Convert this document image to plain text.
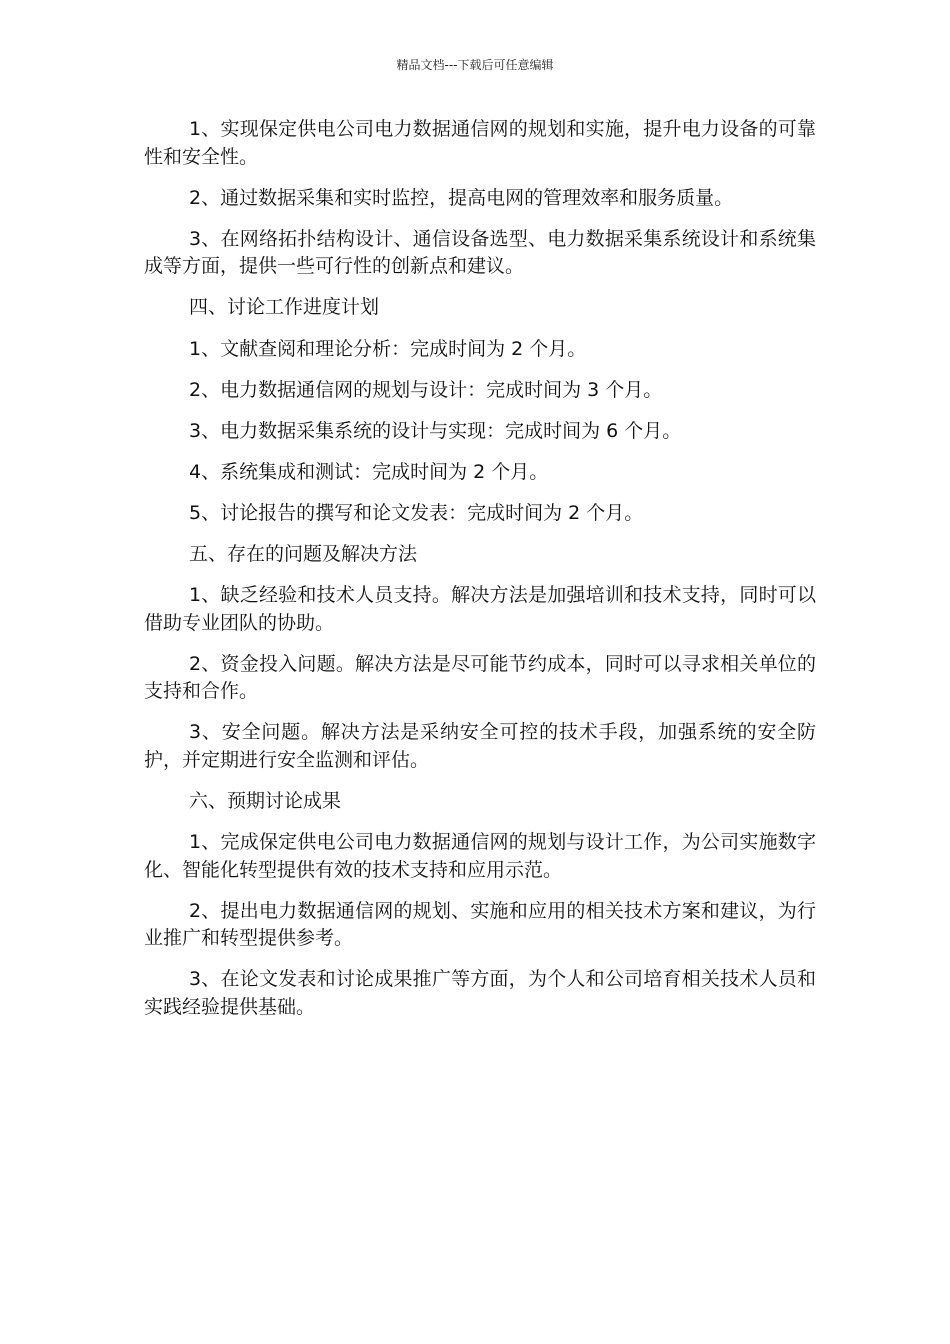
精品文档---下载后可任意编辑

1、实现保定供电公司电力数据通信网的规划和实施，提升电力设备的可靠性和安全性。

2、通过数据采集和实时监控，提高电网的管理效率和服务质量。

3、在网络拓扑结构设计、通信设备选型、电力数据采集系统设计和系统集成等方面，提供一些可行性的创新点和建议。

四、讨论工作进度计划

1、文献查阅和理论分析：完成时间为 2 个月。

2、电力数据通信网的规划与设计：完成时间为 3 个月。

3、电力数据采集系统的设计与实现：完成时间为 6 个月。

4、系统集成和测试：完成时间为 2 个月。

5、讨论报告的撰写和论文发表：完成时间为 2 个月。

五、存在的问题及解决方法

1、缺乏经验和技术人员支持。解决方法是加强培训和技术支持，同时可以借助专业团队的协助。

2、资金投入问题。解决方法是尽可能节约成本，同时可以寻求相关单位的支持和合作。

3、安全问题。解决方法是采纳安全可控的技术手段，加强系统的安全防护，并定期进行安全监测和评估。

六、预期讨论成果

1、完成保定供电公司电力数据通信网的规划与设计工作，为公司实施数字化、智能化转型提供有效的技术支持和应用示范。

2、提出电力数据通信网的规划、实施和应用的相关技术方案和建议，为行业推广和转型提供参考。

3、在论文发表和讨论成果推广等方面，为个人和公司培育相关技术人员和实践经验提供基础。
